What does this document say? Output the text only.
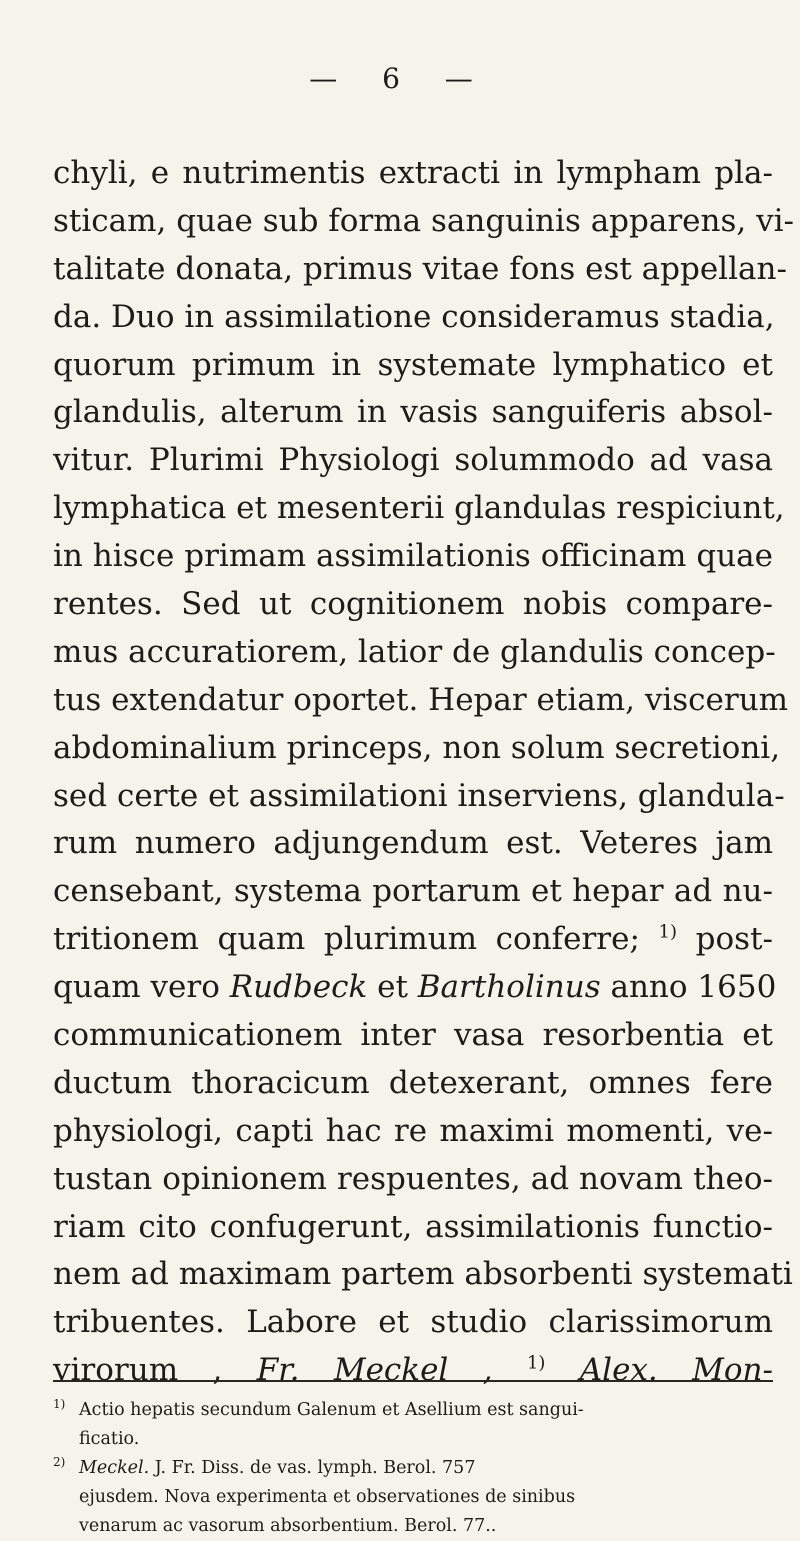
— 6 —
chyli, e nutrimentis extracti in lympham pla-
sticam, quae sub forma sanguinis apparens, vi-
talitate donata, primus vitae fons est appellan-
da. Duo in assimilatione consideramus stadia,
quorum primum in systemate lymphatico et
glandulis, alterum in vasis sanguiferis absol-
vitur. Plurimi Physiologi solummodo ad vasa
lymphatica et mesenterii glandulas respiciunt,
in hisce primam assimilationis officinam quae
rentes. Sed ut cognitionem nobis compare-
mus accuratiorem, latior de glandulis concep-
tus extendatur oportet. Hepar etiam, viscerum
abdominalium princeps, non solum secretioni,
sed certe et assimilationi inserviens, glandula-
rum numero adjungendum est. Veteres jam
censebant, systema portarum et hepar ad nu-
tritionem quam plurimum conferre; $^{1)}$ post-
quam vero Rudbeck et Bartholinus anno 1650
communicationem inter vasa resorbentia et
ductum thoracicum detexerant, omnes fere
physiologi, capti hac re maximi momenti, ve-
tustan opinionem respuentes, ad novam theo-
riam cito confugerunt, assimilationis functio-
nem ad maximam partem absorbenti systemati
tribuentes. Labore et studio clarissimorum
virorum , Fr. Meckel , $^{1)}$ Alex. Mon-
1) Actio hepatis secundum Galenum et Asellium est sangui-
ficatio.
2) Meckel. J. Fr. Diss. de vas. lymph. Berol. 757
ejusdem. Nova experimenta et observationes de sinibus
venarum ac vasorum absorbentium. Berol. 77..
